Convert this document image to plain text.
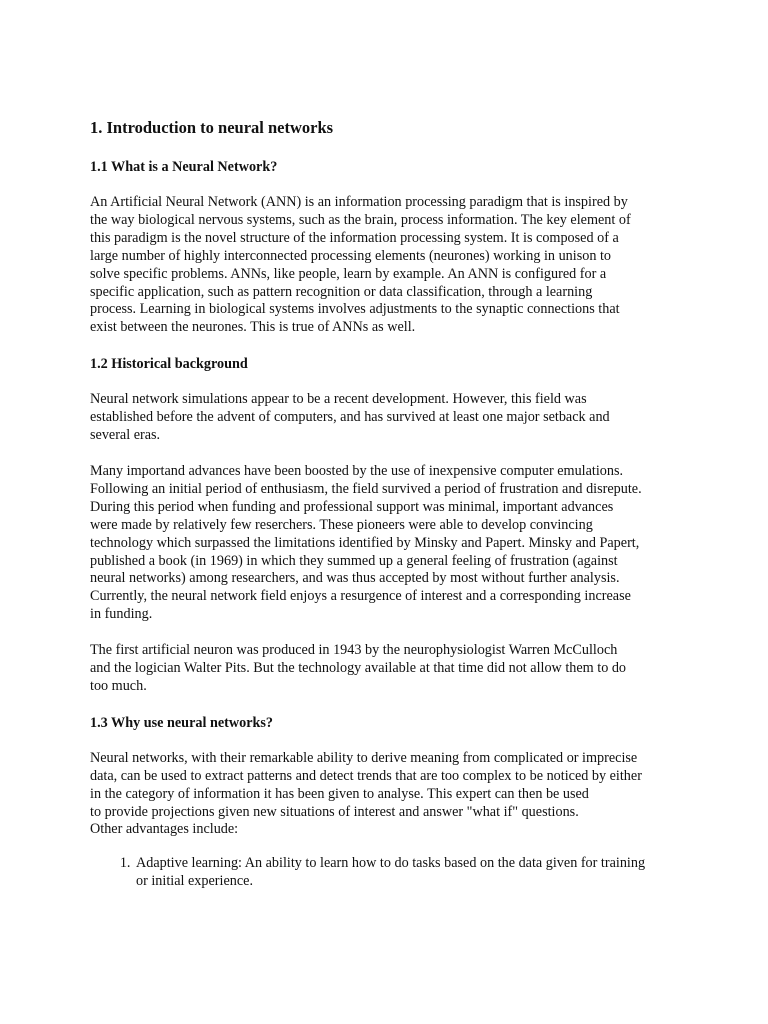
1. Introduction to neural networks
1.1 What is a Neural Network?

An Artificial Neural Network (ANN) is an information processing paradigm that is inspired by
the way biological nervous systems, such as the brain, process information. The key element of
this paradigm is the novel structure of the information processing system. It is composed of a
large number of highly interconnected processing elements (neurones) working in unison to
solve specific problems. ANNs, like people, learn by example. An ANN is configured for a
specific application, such as pattern recognition or data classification, through a learning
process. Learning in biological systems involves adjustments to the synaptic connections that
exist between the neurones. This is true of ANNs as well.

1.2 Historical background

Neural network simulations appear to be a recent development. However, this field was
established before the advent of computers, and has survived at least one major setback and
several eras.

Many importand advances have been boosted by the use of inexpensive computer emulations.
Following an initial period of enthusiasm, the field survived a period of frustration and disrepute.
During this period when funding and professional support was minimal, important advances
were made by relatively few reserchers. These pioneers were able to develop convincing
technology which surpassed the limitations identified by Minsky and Papert. Minsky and Papert,
published a book (in 1969) in which they summed up a general feeling of frustration (against
neural networks) among researchers, and was thus accepted by most without further analysis.
Currently, the neural network field enjoys a resurgence of interest and a corresponding increase
in funding.

The first artificial neuron was produced in 1943 by the neurophysiologist Warren McCulloch
and the logician Walter Pits. But the technology available at that time did not allow them to do
too much.

1.3 Why use neural networks?

Neural networks, with their remarkable ability to derive meaning from complicated or imprecise
data, can be used to extract patterns and detect trends that are too complex to be noticed by either
in the category of information it has been given to analyse. This expert can then be used
to provide projections given new situations of interest and answer "what if" questions.
Other advantages include:

1. Adaptive learning: An ability to learn how to do tasks based on the data given for training
or initial experience.
